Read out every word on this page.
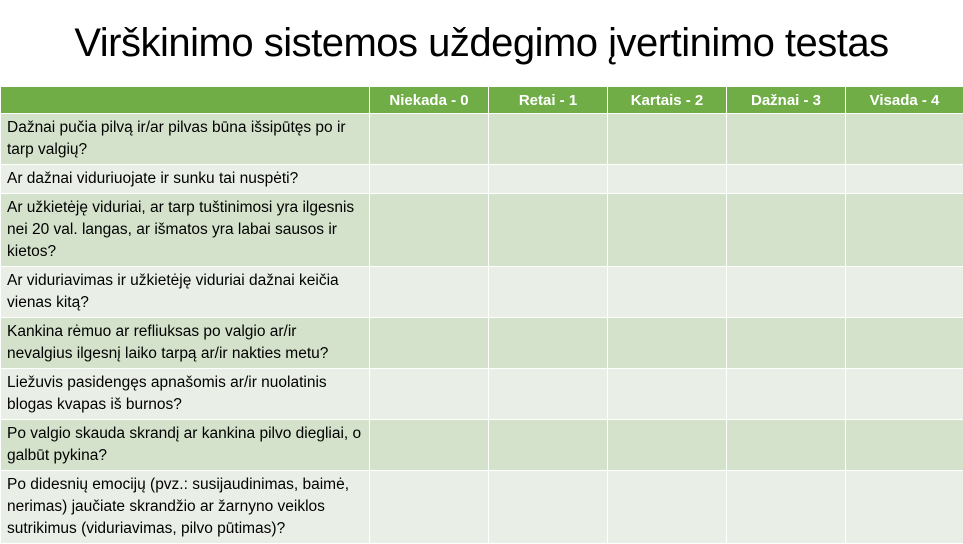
Virškinimo sistemos uždegimo įvertinimo testas
	Niekada - 0	Retai - 1	Kartais - 2	Dažnai - 3	Visada - 4
Dažnai pučia pilvą ir/ar pilvas būna išsipūtęs po ir tarp valgių?					
Ar dažnai viduriuojate ir sunku tai nuspėti?					
Ar užkietėję viduriai, ar tarp tuštinimosi yra ilgesnis nei 20 val. langas, ar išmatos yra labai sausos ir kietos?					
Ar viduriavimas ir užkietėję viduriai dažnai keičia vienas kitą?					
Kankina rėmuo ar refliuksas po valgio ar/ir nevalgius ilgesnį laiko tarpą ar/ir nakties metu?					
Liežuvis pasidengęs apnašomis ar/ir nuolatinis blogas kvapas iš burnos?					
Po valgio skauda skrandį ar kankina pilvo diegliai, o galbūt pykina?					
Po didesnių emocijų (pvz.: susijaudinimas, baimė, nerimas) jaučiate skrandžio ar žarnyno veiklos sutrikimus (viduriavimas, pilvo pūtimas)?					
